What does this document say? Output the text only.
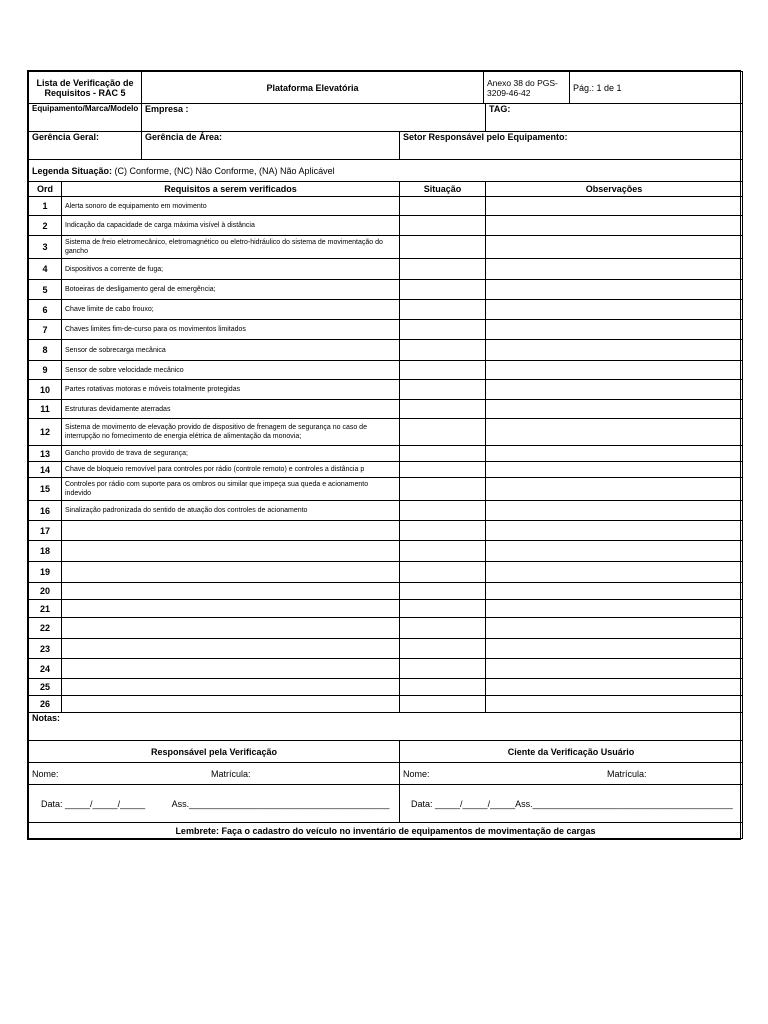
Lista de Verificação de
Requisitos - RAC 5	Plataforma Elevatória	Anexo 38 do PGS-3209-46-42	Pág.: 1 de 1
Equipamento/Marca/Modelo	Empresa :		TAG:
Gerência Geral:	Gerência de Área:	Setor Responsável pelo Equipamento:	
Legenda Situação: (C) Conforme, (NC) Não Conforme, (NA) Não Aplicável			
Ord	Requisitos a serem verificados	Situação	Observações
1	Alerta sonoro de equipamento em movimento		
2	Indicação da capacidade de carga máxima visível à distância		
3	Sistema de freio eletromecânico, eletromagnético ou eletro-hidráulico do sistema de movimentação do gancho		
4	Dispositivos a corrente de fuga;		
5	Botoeiras de desligamento geral de emergência;		
6	Chave limite de cabo frouxo;		
7	Chaves limites fim-de-curso para os movimentos limitados		
8	Sensor de sobrecarga mecânica		
9	Sensor de sobre velocidade mecânico		
10	Partes rotativas motoras e móveis totalmente protegidas		
11	Estruturas devidamente aterradas		
12	Sistema de movimento de elevação provido de dispositivo de frenagem de segurança no caso de interrupção no fornecimento de energia elétrica de alimentação da monovia;		
13	Gancho provido de trava de segurança;		
14	Chave de bloqueio removível para controles por rádio (controle remoto) e controles a distância p		
15	Controles por rádio com suporte para os ombros ou similar que impeça sua queda e acionamento indevido		
16	Sinalização padronizada do sentido de atuação dos controles de acionamento		
17			
18			
19			
20			
21			
22			
23			
24			
25			
26			
Notas:			
Responsável pela Verificação	Ciente da Verificação Usuário
Nome: Matrícula:	Nome: Matrícula:
Data: _____/_____/_____ Ass.________________________________________	Data: _____/_____/_____Ass.________________________________________
Lembrete: Faça o cadastro do veículo no inventário de equipamentos de movimentação de cargas	
